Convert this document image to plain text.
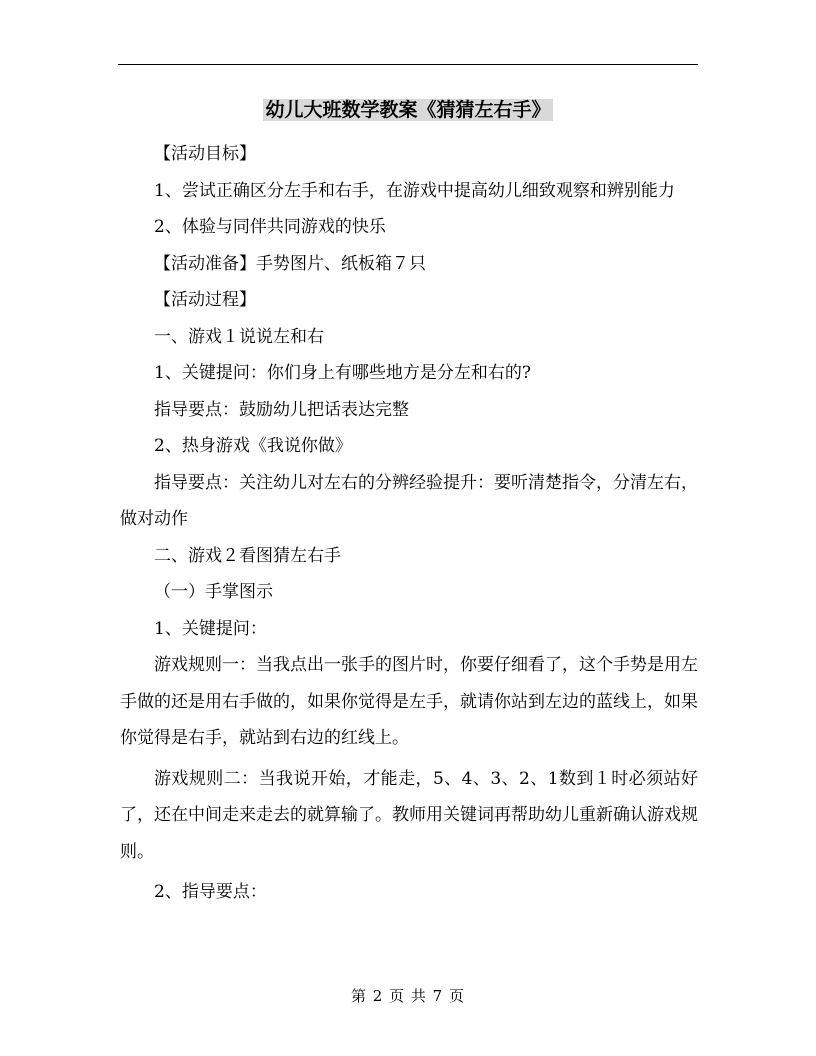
幼儿大班数学教案《猜猜左右手》

【活动目标】

1、尝试正确区分左手和右手，在游戏中提高幼儿细致观察和辨别能力

2、体验与同伴共同游戏的快乐

【活动准备】手势图片、纸板箱７只

【活动过程】

一、游戏１说说左和右

1、关键提问：你们身上有哪些地方是分左和右的?

指导要点：鼓励幼儿把话表达完整

2、热身游戏《我说你做》

指导要点：关注幼儿对左右的分辨经验提升：要听清楚指令，分清左右，做对动作

二、游戏２看图猜左右手

（一）手掌图示

1、关键提问：

游戏规则一：当我点出一张手的图片时，你要仔细看了，这个手势是用左手做的还是用右手做的，如果你觉得是左手，就请你站到左边的蓝线上，如果你觉得是右手，就站到右边的红线上。

游戏规则二：当我说开始，才能走，5、4、3、2、1数到１时必须站好了，还在中间走来走去的就算输了。教师用关键词再帮助幼儿重新确认游戏规则。

2、指导要点：

第 2 页 共 7 页
